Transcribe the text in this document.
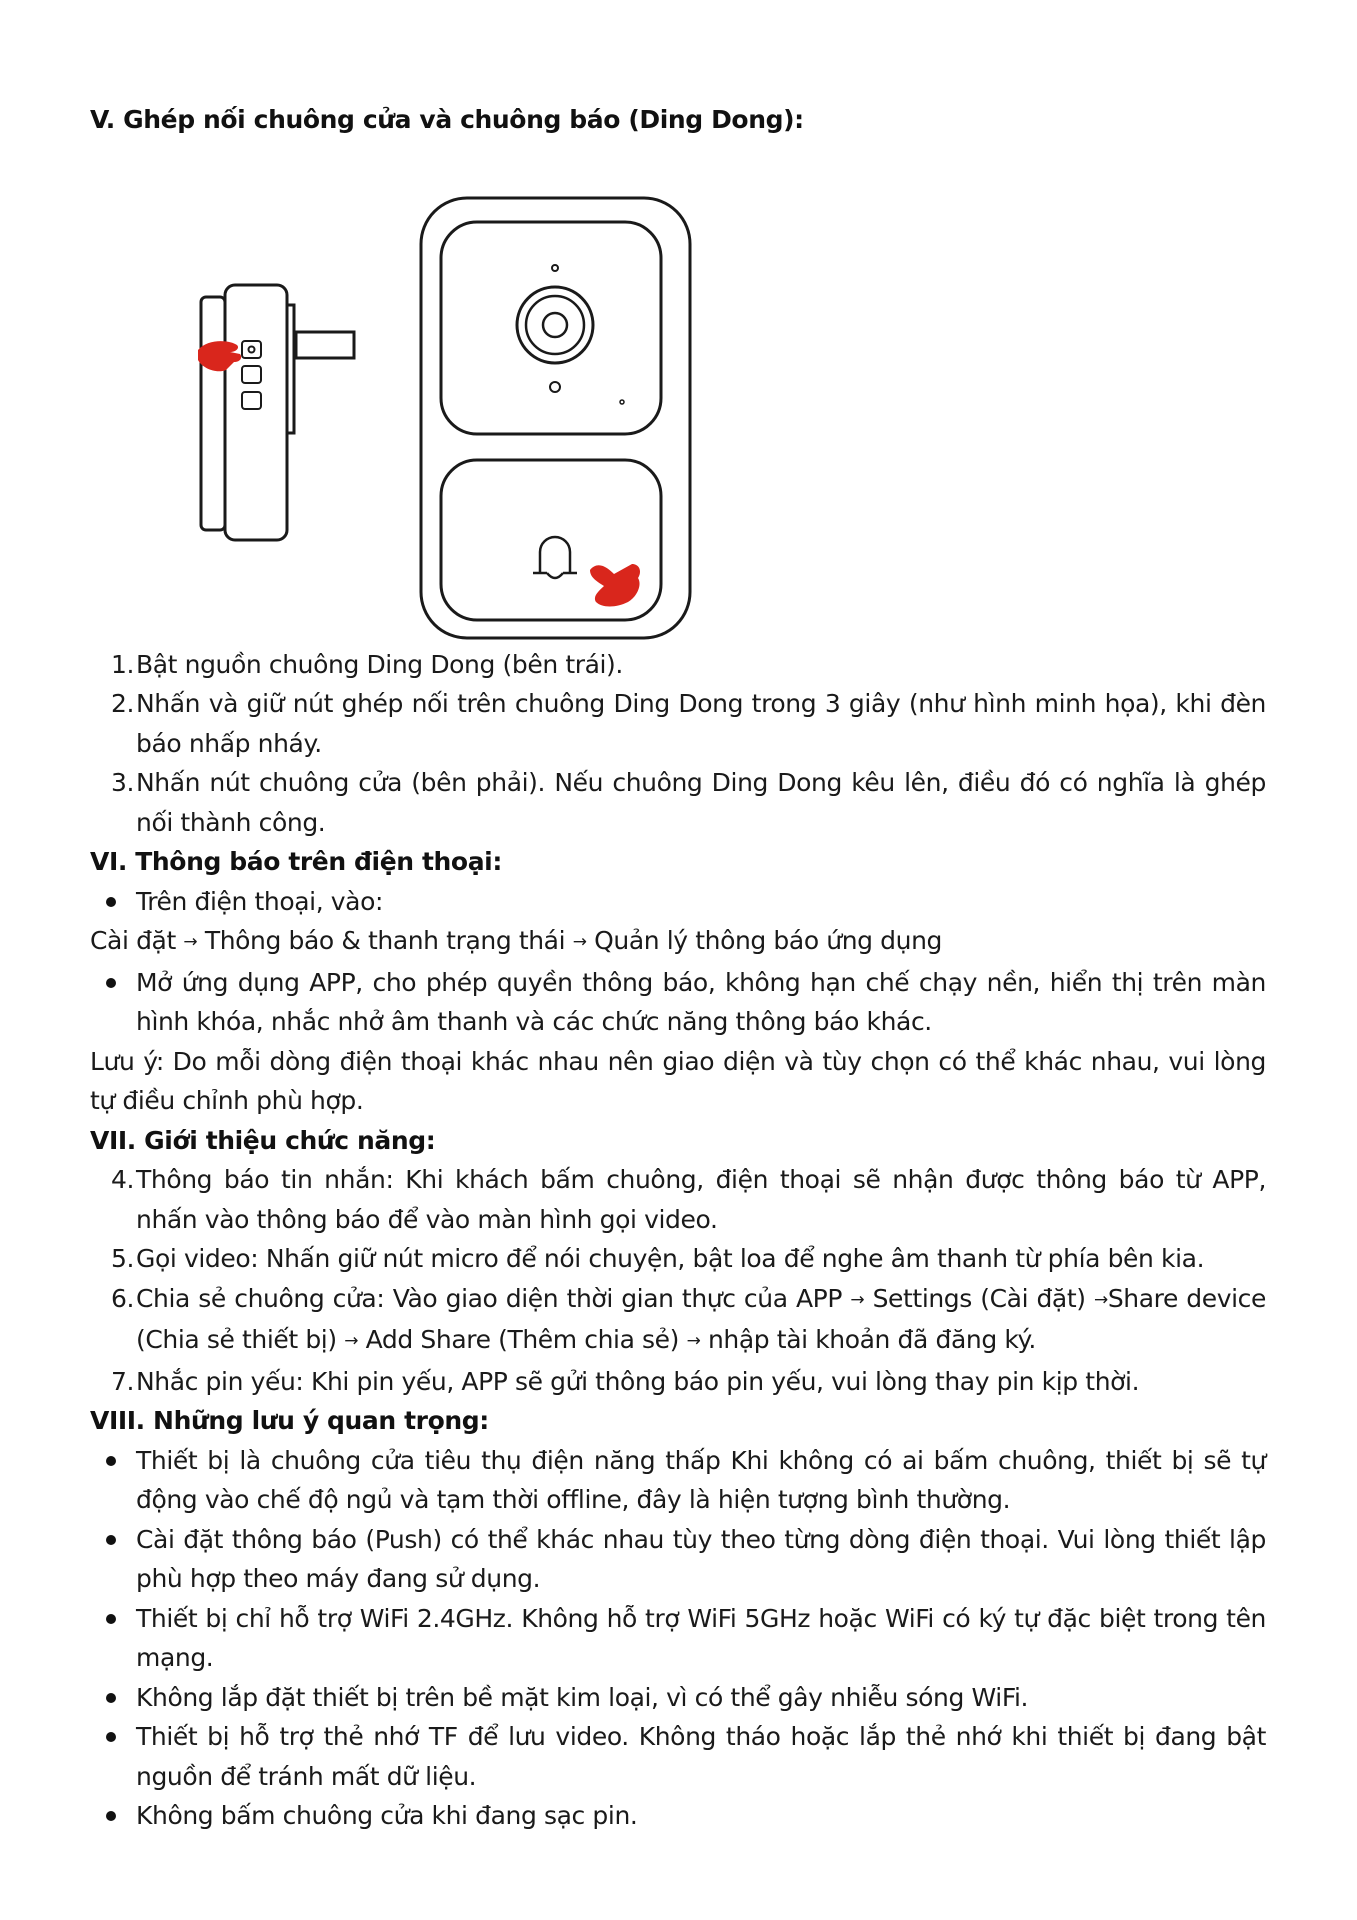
V. Ghép nối chuông cửa và chuông báo (Ding Dong):
1. Bật nguồn chuông Ding Dong (bên trái).
2. Nhấn và giữ nút ghép nối trên chuông Ding Dong trong 3 giây (như hình minh họa), khi đèn báo nhấp nháy.
3. Nhấn nút chuông cửa (bên phải). Nếu chuông Ding Dong kêu lên, điều đó có nghĩa là ghép nối thành công.
VI. Thông báo trên điện thoại:
Trên điện thoại, vào:

Cài đặt → Thông báo & thanh trạng thái → Quản lý thông báo ứng dụng

Mở ứng dụng APP, cho phép quyền thông báo, không hạn chế chạy nền, hiển thị trên màn hình khóa, nhắc nhở âm thanh và các chức năng thông báo khác.

Lưu ý: Do mỗi dòng điện thoại khác nhau nên giao diện và tùy chọn có thể khác nhau, vui lòng tự điều chỉnh phù hợp.

VII. Giới thiệu chức năng:
4. Thông báo tin nhắn: Khi khách bấm chuông, điện thoại sẽ nhận được thông báo từ APP, nhấn vào thông báo để vào màn hình gọi video.
5. Gọi video: Nhấn giữ nút micro để nói chuyện, bật loa để nghe âm thanh từ phía bên kia.
6. Chia sẻ chuông cửa: Vào giao diện thời gian thực của APP → Settings (Cài đặt) →Share device (Chia sẻ thiết bị) → Add Share (Thêm chia sẻ) → nhập tài khoản đã đăng ký.
7. Nhắc pin yếu: Khi pin yếu, APP sẽ gửi thông báo pin yếu, vui lòng thay pin kịp thời.
VIII. Những lưu ý quan trọng:
Thiết bị là chuông cửa tiêu thụ điện năng thấp Khi không có ai bấm chuông, thiết bị sẽ tự động vào chế độ ngủ và tạm thời offline, đây là hiện tượng bình thường.
Cài đặt thông báo (Push) có thể khác nhau tùy theo từng dòng điện thoại. Vui lòng thiết lập phù hợp theo máy đang sử dụng.
Thiết bị chỉ hỗ trợ WiFi 2.4GHz. Không hỗ trợ WiFi 5GHz hoặc WiFi có ký tự đặc biệt trong tên mạng.
Không lắp đặt thiết bị trên bề mặt kim loại, vì có thể gây nhiễu sóng WiFi.
Thiết bị hỗ trợ thẻ nhớ TF để lưu video. Không tháo hoặc lắp thẻ nhớ khi thiết bị đang bật nguồn để tránh mất dữ liệu.
Không bấm chuông cửa khi đang sạc pin.
